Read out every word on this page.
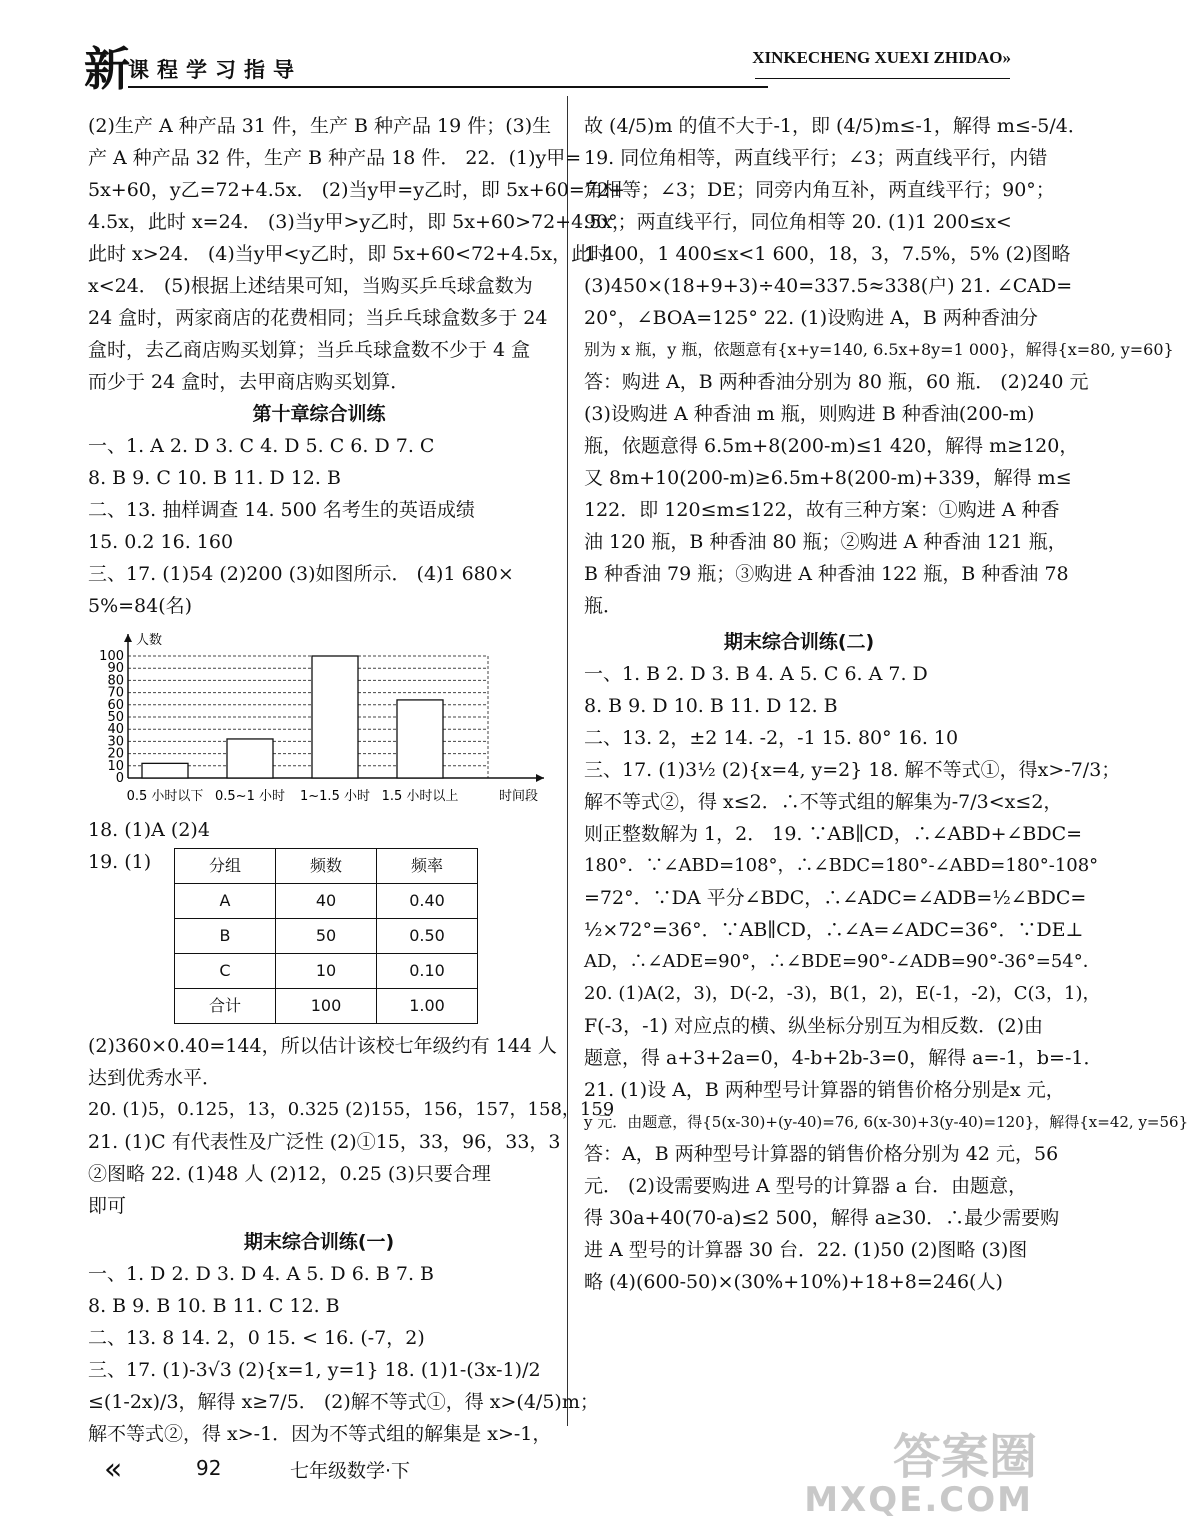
新
课程学习指导
XINKECHENG XUEXI ZHIDAO»

(2)生产 A 种产品 31 件，生产 B 种产品 19 件；(3)生

产 A 种产品 32 件，生产 B 种产品 18 件． 22．(1)y甲=

5x+60，y乙=72+4.5x． (2)当y甲=y乙时，即 5x+60=72+

4.5x，此时 x=24． (3)当y甲>y乙时，即 5x+60>72+4.5x，

此时 x>24． (4)当y甲<y乙时，即 5x+60<72+4.5x，此时

x<24． (5)根据上述结果可知，当购买乒乓球盒数为

24 盒时，两家商店的花费相同；当乒乓球盒数多于 24

盒时，去乙商店购买划算；当乒乓球盒数不少于 4 盒

而少于 24 盒时，去甲商店购买划算．

第十章综合训练

一、1. A 2. D 3. C 4. D 5. C 6. D 7. C

8. B 9. C 10. B 11. D 12. B

二、13. 抽样调查 14. 500 名考生的英语成绩

15. 0.2 16. 160

三、17. (1)54 (2)200 (3)如图所示． (4)1 680×

5%=84(名)

0
10
20
30
40
50
60
70
80
90
100
人数
时间段
0.5 小时以下 0.5~1 小时 1~1.5 小时 1.5 小时以上

18. (1)A (2)4

19. (1)	分组	频数	频率
A	40	0.40
B	50	0.50
C	10	0.10
合计	100	1.00

(2)360×0.40=144，所以估计该校七年级约有 144 人

达到优秀水平．

20. (1)5，0.125，13，0.325 (2)155，156，157，158，159

21. (1)C 有代表性及广泛性 (2)①15，33，96，33，3

②图略 22. (1)48 人 (2)12，0.25 (3)只要合理

即可

期末综合训练(一)

一、1. D 2. D 3. D 4. A 5. D 6. B 7. B

8. B 9. B 10. B 11. C 12. B

二、13. 8 14. 2，0 15. < 16. (-7，2)

三、17. (1)-3√3 (2){x=1, y=1} 18. (1)1-(3x-1)/2

≤(1-2x)/3，解得 x≥7/5． (2)解不等式①，得 x>(4/5)m；

解不等式②，得 x>-1．因为不等式组的解集是 x>-1，

故 (4/5)m 的值不大于-1，即 (4/5)m≤-1，解得 m≤-5/4．

19. 同位角相等，两直线平行；∠3；两直线平行，内错

角相等；∠3；DE；同旁内角互补，两直线平行；90°；

90°；两直线平行，同位角相等 20. (1)1 200≤x<

1 400，1 400≤x<1 600，18，3，7.5%，5% (2)图略

(3)450×(18+9+3)÷40=337.5≈338(户) 21. ∠CAD=

20°，∠BOA=125° 22. (1)设购进 A，B 两种香油分

别为 x 瓶，y 瓶，依题意有{x+y=140, 6.5x+8y=1 000}，解得{x=80, y=60}

答：购进 A，B 两种香油分别为 80 瓶，60 瓶． (2)240 元

(3)设购进 A 种香油 m 瓶，则购进 B 种香油(200-m)

瓶，依题意得 6.5m+8(200-m)≤1 420，解得 m≥120，

又 8m+10(200-m)≥6.5m+8(200-m)+339，解得 m≤

122．即 120≤m≤122，故有三种方案：①购进 A 种香

油 120 瓶，B 种香油 80 瓶；②购进 A 种香油 121 瓶，

B 种香油 79 瓶；③购进 A 种香油 122 瓶，B 种香油 78

瓶．

期末综合训练(二)

一、1. B 2. D 3. B 4. A 5. C 6. A 7. D

8. B 9. D 10. B 11. D 12. B

二、13. 2，±2 14. -2，-1 15. 80° 16. 10

三、17. (1)3½ (2){x=4, y=2} 18. 解不等式①，得x>-7/3；

解不等式②，得 x≤2．∴不等式组的解集为-7/3<x≤2，

则正整数解为 1，2． 19. ∵AB∥CD，∴∠ABD+∠BDC=

180°．∵∠ABD=108°，∴∠BDC=180°-∠ABD=180°-108°

=72°．∵DA 平分∠BDC，∴∠ADC=∠ADB=½∠BDC=

½×72°=36°．∵AB∥CD，∴∠A=∠ADC=36°．∵DE⊥

AD，∴∠ADE=90°，∴∠BDE=90°-∠ADB=90°-36°=54°．

20. (1)A(2，3)，D(-2，-3)，B(1，2)，E(-1，-2)，C(3，1)，

F(-3，-1) 对应点的横、纵坐标分别互为相反数．(2)由

题意，得 a+3+2a=0，4-b+2b-3=0，解得 a=-1，b=-1．

21. (1)设 A，B 两种型号计算器的销售价格分别是x 元，

y 元．由题意，得{5(x-30)+(y-40)=76, 6(x-30)+3(y-40)=120}，解得{x=42, y=56}

答：A，B 两种型号计算器的销售价格分别为 42 元，56

元． (2)设需要购进 A 型号的计算器 a 台．由题意，

得 30a+40(70-a)≤2 500，解得 a≥30．∴最少需要购

进 A 型号的计算器 30 台．22. (1)50 (2)图略 (3)图

略 (4)(600-50)×(30%+10%)+18+8=246(人)

«	92	七年级数学·下	答案圈
MXQE.COM
